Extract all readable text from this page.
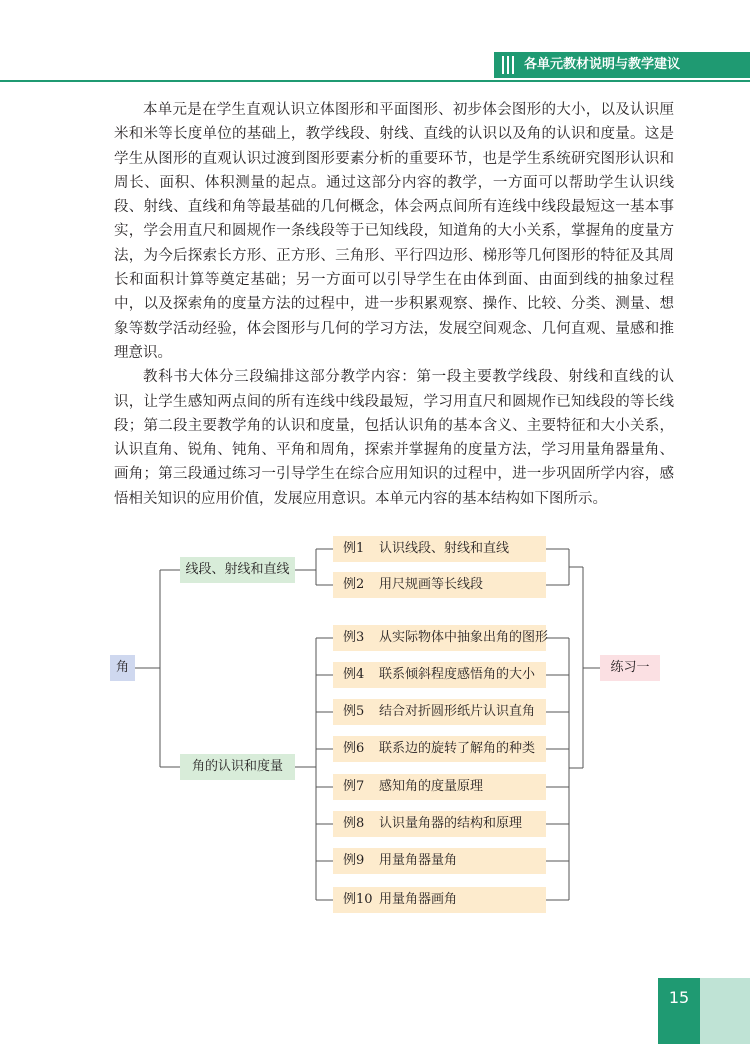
各单元教材说明与教学建议

本单元是在学生直观认识立体图形和平面图形、初步体会图形的大小，以及认识厘米和米等长度单位的基础上，教学线段、射线、直线的认识以及角的认识和度量。这是学生从图形的直观认识过渡到图形要素分析的重要环节，也是学生系统研究图形认识和周长、面积、体积测量的起点。通过这部分内容的教学，一方面可以帮助学生认识线段、射线、直线和角等最基础的几何概念，体会两点间所有连线中线段最短这一基本事实，学会用直尺和圆规作一条线段等于已知线段，知道角的大小关系，掌握角的度量方法，为今后探索长方形、正方形、三角形、平行四边形、梯形等几何图形的特征及其周长和面积计算等奠定基础；另一方面可以引导学生在由体到面、由面到线的抽象过程中，以及探索角的度量方法的过程中，进一步积累观察、操作、比较、分类、测量、想象等数学活动经验，体会图形与几何的学习方法，发展空间观念、几何直观、量感和推理意识。

教科书大体分三段编排这部分教学内容：第一段主要教学线段、射线和直线的认识，让学生感知两点间的所有连线中线段最短，学习用直尺和圆规作已知线段的等长线段；第二段主要教学角的认识和度量，包括认识角的基本含义、主要特征和大小关系，认识直角、锐角、钝角、平角和周角，探索并掌握角的度量方法，学习用量角器量角、画角；第三段通过练习一引导学生在综合应用知识的过程中，进一步巩固所学内容，感悟相关知识的应用价值，发展应用意识。本单元内容的基本结构如下图所示。

角
线段、射线和直线
角的认识和度量
例1 认识线段、射线和直线
例2 用尺规画等长线段
例3 从实际物体中抽象出角的图形
例4 联系倾斜程度感悟角的大小
例5 结合对折圆形纸片认识直角
例6 联系边的旋转了解角的种类
例7 感知角的度量原理
例8 认识量角器的结构和原理
例9 用量角器量角
例10 用量角器画角
练习一
15
